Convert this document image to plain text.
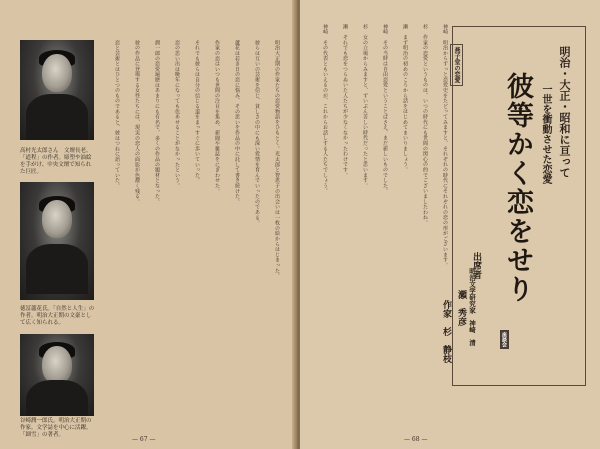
高村光太郎さん　文壇長老。「道程」の作者。彫塑や油絵を手がけ、中央文壇で知られた巨匠。
徳冨蘆花氏。「自然と人生」の作者。明治大正期の文豪として広く知られる。
谷崎潤一郎氏。明治大正期の作家。文学誌を中心に活躍。「細雪」の著者。
明治大正期の作家たちの恋愛物語をひもとく。光太郎と智恵子の出会いは一枚の絵からはじまった。
彼らは互いの芸術を信じ、貧しさの中にも深い愛情を育んでいったのである。
蘆花は若き日の恋に悩み、その思いを作品の中に託して書き続けた。
作家の恋はいつも世間の注目を集め、新聞や雑誌をにぎわせた。
それでも彼らは自分の信じる道をまっすぐに歩いていった。
恋の思い出は晩年になっても色あせることがなかったという。
潤一郎の恋愛遍歴はあまりにも有名で、多くの作品の題材となった。
彼の作品に登場する女性たちには、現実の恋人の面影が色濃く残る。
恋と芸術とはひとつのものであると、彼はつねに語っていた。
— 67 —
神崎　明治からずっと恋愛史をたどってみますと、それぞれの時代にそれぞれの恋の形がございます。
杉　作家の恋愛というものは、いつの時代にも世間の関心の的でございましたわね。
瀬　まず明治の初めのころから話をはじめてまいりましょう。
神崎　その当時は自由恋愛ということばさえ、まだ新しいものでした。
杉　女の立場からみますと、ずいぶん苦しい時代だったと思います。
瀬　それでも恋をつらぬいた人たちが少なくなかったわけです。
神崎　その代表ともいえるのが、これからお話しする人たちでしょう。	燕子堂の恋愛
— 68 —
明治・大正・昭和に亘って
一世を衝動させた恋愛
彼等かく恋をせり
座談会
出席者
瀬　秀彦 明治文学研究家　神崎　清
作家　杉　静枝
